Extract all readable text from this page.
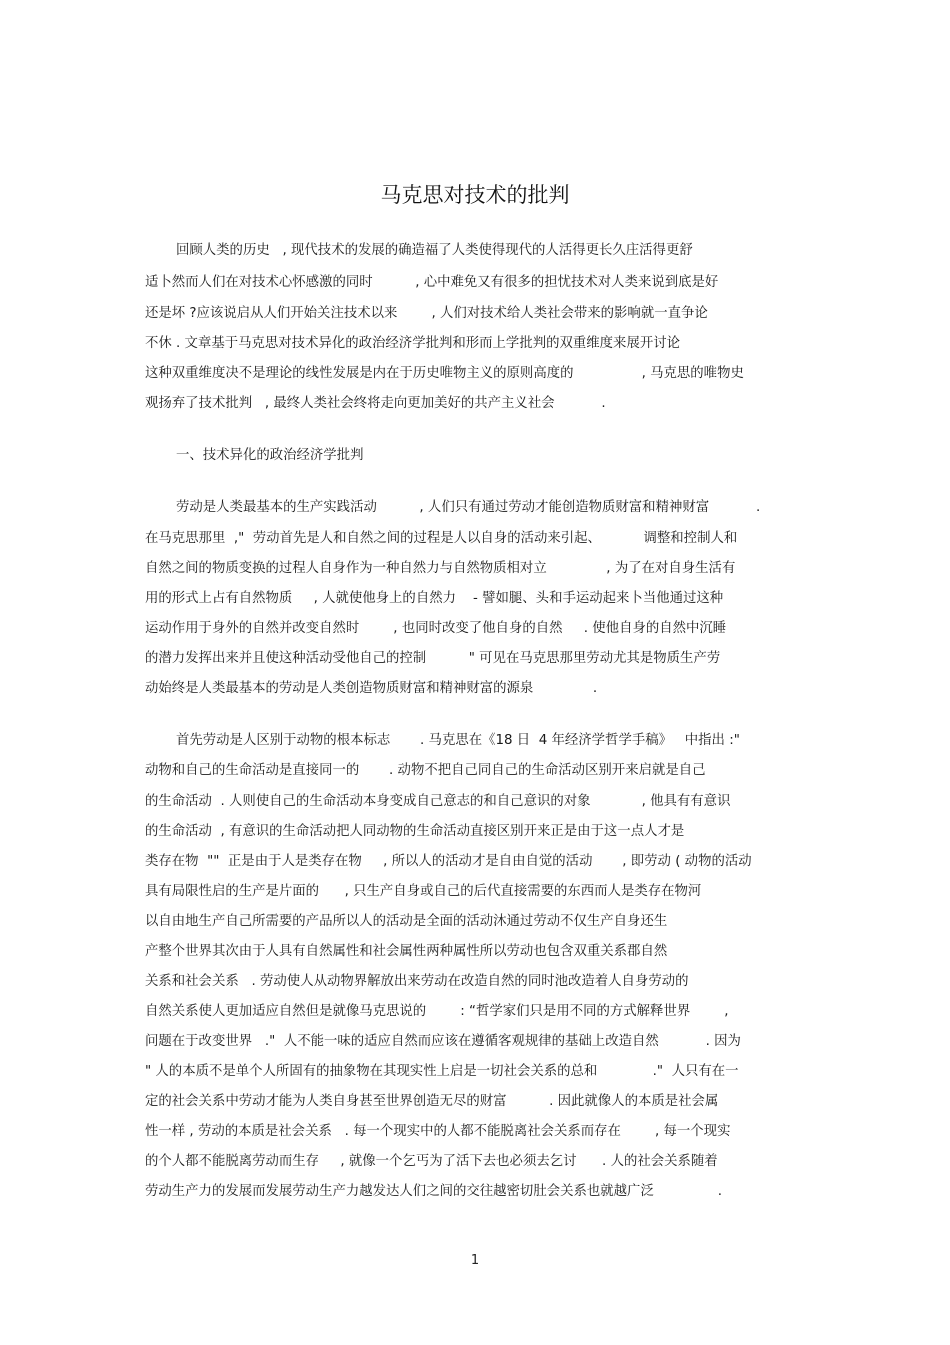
马克思对技术的批判
回顾人类的历史   , 现代技术的发展的确造福了人类使得现代的人活得更长久庄活得更舒
适卜然而人们在对技术心怀感激的同时          , 心中难免又有很多的担忧技术对人类来说到底是好
还是坏 ?应该说启从人们开始关注技术以来        , 人们对技术给人类社会带来的影响就一直争论
不休 . 文章基于马克思对技术异化的政治经济学批判和形而上学批判的双重维度来展开讨论
这种双重维度决不是理论的线性发展是内在于历史唯物主义的原则高度的                , 马克思的唯物史
观扬弃了技术批判   , 最终人类社会终将走向更加美好的共产主义社会           .
一、技术异化的政治经济学批判
劳动是人类最基本的生产实践活动          , 人们只有通过劳动才能创造物质财富和精神财富           .
在马克思那里  ,"  劳动首先是人和自然之间的过程是人以自身的活动来引起、          调整和控制人和
自然之间的物质变换的过程人自身作为一种自然力与自然物质相对立              , 为了在对自身生活有
用的形式上占有自然物质     , 人就使他身上的自然力    - 譬如腿、头和手运动起来卜当他通过这种
运动作用于身外的自然并改变自然时        , 也同时改变了他自身的自然     . 使他自身的自然中沉睡
的潜力发挥出来并且使这种活动受他自己的控制          " 可见在马克思那里劳动尤其是物质生产劳
动始终是人类最基本的劳动是人类创造物质财富和精神财富的源泉              .
首先劳动是人区别于动物的根本标志       . 马克思在《18 日  4 年经济学哲学手稿》   中指出 :"
动物和自己的生命活动是直接同一的       . 动物不把自己同自己的生命活动区别开来启就是自己
的生命活动  . 人则使自己的生命活动本身变成自己意志的和自己意识的对象            , 他具有有意识
的生命活动  , 有意识的生命活动把人同动物的生命活动直接区别开来正是由于这一点人才是
类存在物  ""  正是由于人是类存在物     , 所以人的活动才是自由自觉的活动       , 即劳动 ( 动物的活动
具有局限性启的生产是片面的      , 只生产自身或自己的后代直接需要的东西而人是类存在物河
以自由地生产自己所需要的产品所以人的活动是全面的活动沐通过劳动不仅生产自身还生
产整个世界其次由于人具有自然属性和社会属性两种属性所以劳动也包含双重关系郡自然
关系和社会关系   . 劳动使人从动物界解放出来劳动在改造自然的同时池改造着人自身劳动的
自然关系使人更加适应自然但是就像马克思说的        : “哲学家们只是用不同的方式解释世界        ,
问题在于改变世界   ."  人不能一味的适应自然而应该在遵循客观规律的基础上改造自然           . 因为
" 人的本质不是单个人所固有的抽象物在其现实性上启是一切社会关系的总和             ."  人只有在一
定的社会关系中劳动才能为人类自身甚至世界创造无尽的财富          . 因此就像人的本质是社会属
性一样 , 劳动的本质是社会关系   . 每一个现实中的人都不能脱离社会关系而存在        , 每一个现实
的个人都不能脱离劳动而生存     , 就像一个乞丐为了活下去也必须去乞讨      . 人的社会关系随着
劳动生产力的发展而发展劳动生产力越发达人们之间的交往越密切肚会关系也就越广泛               .
1
